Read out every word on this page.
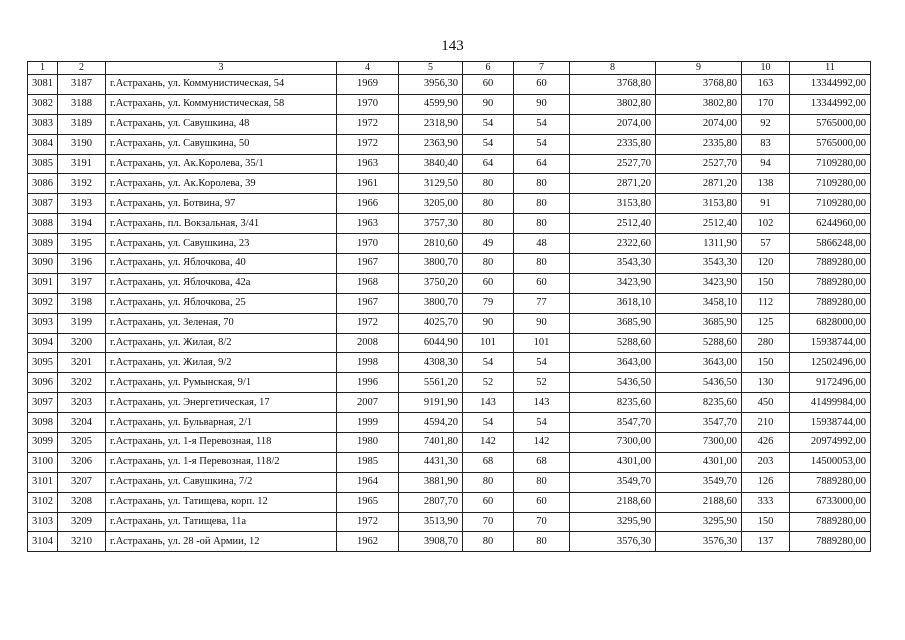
143
1	2	3	4	5	6	7	8	9	10	11
3081	3187	г.Астрахань, ул. Коммунистическая, 54	1969	3956,30	60	60	3768,80	3768,80	163	13344992,00
3082	3188	г.Астрахань, ул. Коммунистическая, 58	1970	4599,90	90	90	3802,80	3802,80	170	13344992,00
3083	3189	г.Астрахань, ул. Савушкина, 48	1972	2318,90	54	54	2074,00	2074,00	92	5765000,00
3084	3190	г.Астрахань, ул. Савушкина, 50	1972	2363,90	54	54	2335,80	2335,80	83	5765000,00
3085	3191	г.Астрахань, ул. Ак.Королева, 35/1	1963	3840,40	64	64	2527,70	2527,70	94	7109280,00
3086	3192	г.Астрахань, ул. Ак.Королева, 39	1961	3129,50	80	80	2871,20	2871,20	138	7109280,00
3087	3193	г.Астрахань, ул. Ботвина, 97	1966	3205,00	80	80	3153,80	3153,80	91	7109280,00
3088	3194	г.Астрахань, пл. Вокзальная, 3/41	1963	3757,30	80	80	2512,40	2512,40	102	6244960,00
3089	3195	г.Астрахань, ул. Савушкина, 23	1970	2810,60	49	48	2322,60	1311,90	57	5866248,00
3090	3196	г.Астрахань, ул. Яблочкова, 40	1967	3800,70	80	80	3543,30	3543,30	120	7889280,00
3091	3197	г.Астрахань, ул. Яблочкова, 42а	1968	3750,20	60	60	3423,90	3423,90	150	7889280,00
3092	3198	г.Астрахань, ул. Яблочкова, 25	1967	3800,70	79	77	3618,10	3458,10	112	7889280,00
3093	3199	г.Астрахань, ул. Зеленая, 70	1972	4025,70	90	90	3685,90	3685,90	125	6828000,00
3094	3200	г.Астрахань, ул. Жилая, 8/2	2008	6044,90	101	101	5288,60	5288,60	280	15938744,00
3095	3201	г.Астрахань, ул. Жилая, 9/2	1998	4308,30	54	54	3643,00	3643,00	150	12502496,00
3096	3202	г.Астрахань, ул. Румынская, 9/1	1996	5561,20	52	52	5436,50	5436,50	130	9172496,00
3097	3203	г.Астрахань, ул. Энергетическая, 17	2007	9191,90	143	143	8235,60	8235,60	450	41499984,00
3098	3204	г.Астрахань, ул. Бульварная, 2/1	1999	4594,20	54	54	3547,70	3547,70	210	15938744,00
3099	3205	г.Астрахань, ул. 1-я Перевозная, 118	1980	7401,80	142	142	7300,00	7300,00	426	20974992,00
3100	3206	г.Астрахань, ул. 1-я Перевозная, 118/2	1985	4431,30	68	68	4301,00	4301,00	203	14500053,00
3101	3207	г.Астрахань, ул. Савушкина, 7/2	1964	3881,90	80	80	3549,70	3549,70	126	7889280,00
3102	3208	г.Астрахань, ул. Татищева, корп. 12	1965	2807,70	60	60	2188,60	2188,60	333	6733000,00
3103	3209	г.Астрахань, ул. Татищева, 11а	1972	3513,90	70	70	3295,90	3295,90	150	7889280,00
3104	3210	г.Астрахань, ул. 28 -ой Армии, 12	1962	3908,70	80	80	3576,30	3576,30	137	7889280,00
